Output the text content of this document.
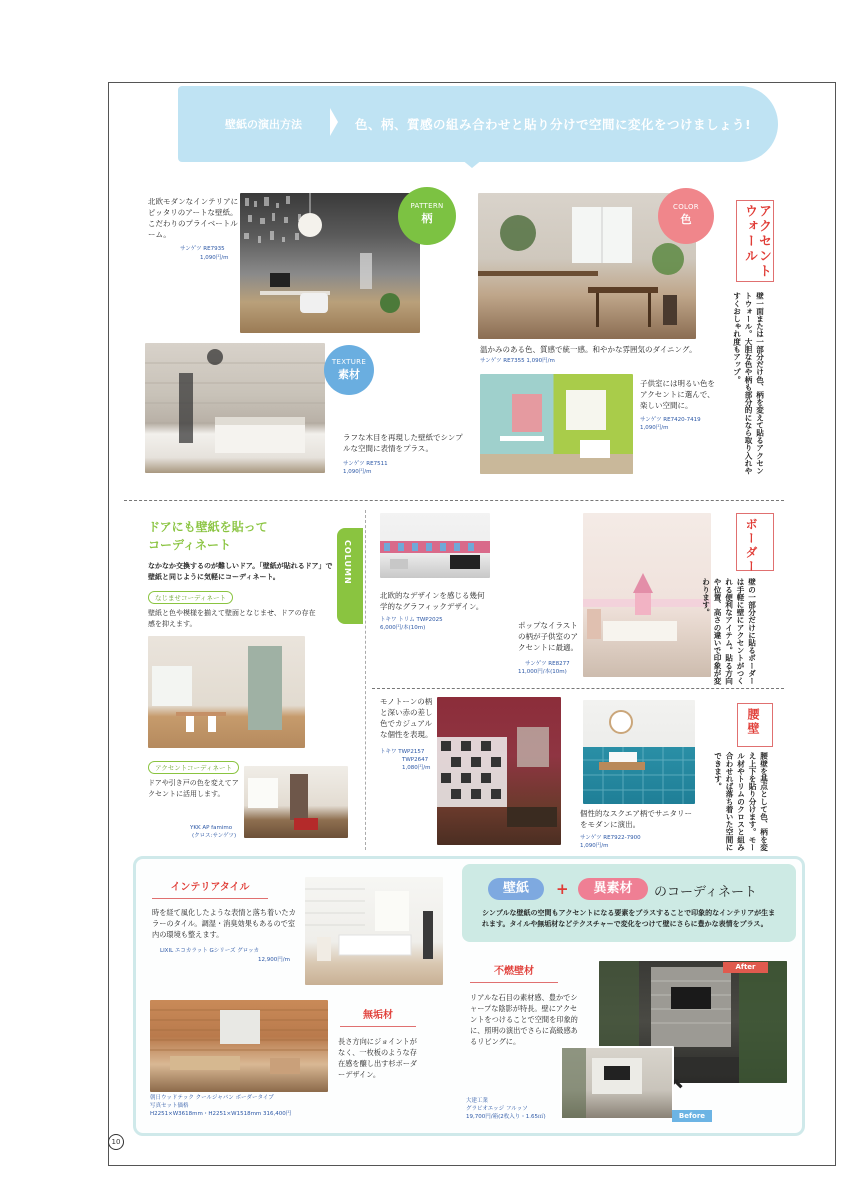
壁紙の演出方法	色、柄、質感の組み合わせと貼り分けで空間に変化をつけましょう!
北欧モダンなインテリアにピッタリのアートな壁紙。こだわりのプライベートルーム。
サンゲツ RE7935
1,090円/m
PATTERN
柄
TEXTURE
素材
ラフな木目を再現した壁紙でシンプルな空間に表情をプラス。
サンゲツ RE7511
1,090円/m
COLOR
色
温かみのある色、質感で統一感。和やかな雰囲気のダイニング。
サンゲツ RE7355 1,090円/m
子供室には明るい色をアクセントに選んで、楽しい空間に。
サンゲツ RE7420-7419
1,090円/m
アクセントウォール
壁一面または一部分だけ色、柄を変えて貼るアクセントウォール。大胆な色や柄も部分的になら取り入れやすくおしゃれ度もアップ。
ドアにも壁紙を貼って
コーディネート	COLUMN
なかなか交換するのが難しいドア。「壁紙が貼れるドア」で壁紙と同じように気軽にコーディネート。
なじませコーディネート
壁紙と色や模様を揃えて壁面となじませ、ドアの存在感を抑えます。
アクセントコーディネート
ドアや引き戸の色を変えてアクセントに活用します。
YKK AP famimo
(クロス:サンゲツ)
北欧的なデザインを感じる幾何学的なグラフィックデザイン。
トキワ トリム TWP2025
6,000円/本(10m)	ポップなイラストの柄が子供室のアクセントに最適。
サンゲツ RE8277
11,000円/本(10m)
ボーダー
壁の一部分だけに貼るボーダーは手軽に壁にアクセントがつくれる便利なアイテム。貼る方向や位置、高さの違いで印象が変わります。
モノトーンの柄と深い赤の差し色でカジュアルな個性を表現。
トキワ TWP2157
TWP2647
1,080円/m
個性的なスクエア柄でサニタリーをモダンに演出。
サンゲツ RE7922-7900
1,090円/m
腰壁
腰壁を基点として色、柄を変え上下を貼り分けます。モール材やトリムのクロスと組み合わせれば落ち着いた空間にできます。
壁紙	+	異素材	のコーディネート
シンプルな壁紙の空間もアクセントになる要素をプラスすることで印象的なインテリアが生まれます。タイルや無垢材などテクスチャーで変化をつけて壁にさらに豊かな表情をプラス。
インテリアタイル
時を経て風化したような表情と落ち着いたカラーのタイル。調湿・消臭効果もあるので室内の環境も整えます。
LIXIL エコカラット Gシリーズ グロッカ
12,900円/m
無垢材
長さ方向にジョイントがなく、一枚板のような存在感を醸し出す杉ボーダーデザイン。
朝日ウッドテック クールジャパン ボーダータイプ
写真セット価格
H2251×W3618mm・H2251×W1518mm 316,400円
不燃壁材
リアルな石目の素材感、豊かでシャープな陰影が特長。壁にアクセントをつけることで空間を印象的に、照明の演出でさらに高級感あるリビングに。
大建工業
グラビオエッジ フルッソ
19,700円/箱(2枚入り・1.65㎡)
After
⬉
Before
10
